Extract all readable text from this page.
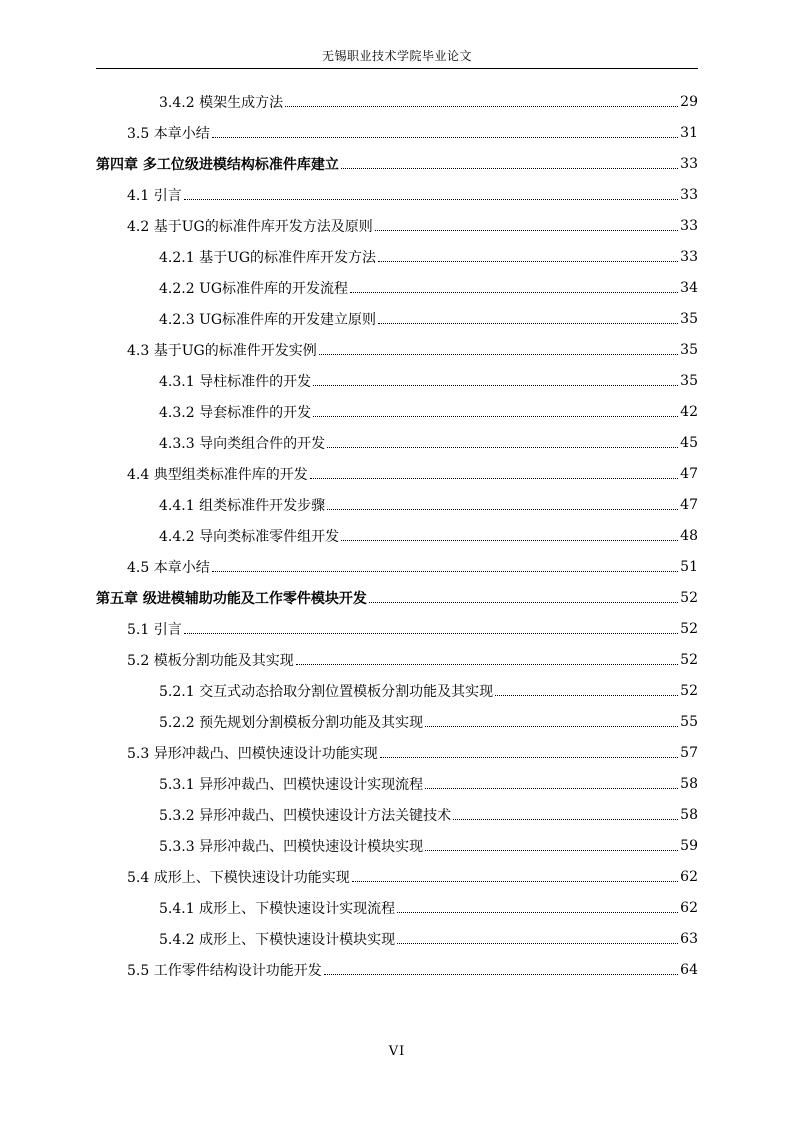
无锡职业技术学院毕业论文
3.4.2 模架生成方法	29
3.5 本章小结	31
第四章 多工位级进模结构标准件库建立	33
4.1 引言	33
4.2 基于UG的标准件库开发方法及原则	33
4.2.1 基于UG的标准件库开发方法	33
4.2.2 UG标准件库的开发流程	34
4.2.3 UG标准件库的开发建立原则	35
4.3 基于UG的标准件开发实例	35
4.3.1 导柱标准件的开发	35
4.3.2 导套标准件的开发	42
4.3.3 导向类组合件的开发	45
4.4 典型组类标准件库的开发	47
4.4.1 组类标准件开发步骤	47
4.4.2 导向类标准零件组开发	48
4.5 本章小结	51
第五章 级进模辅助功能及工作零件模块开发	52
5.1 引言	52
5.2 模板分割功能及其实现	52
5.2.1 交互式动态拾取分割位置模板分割功能及其实现	52
5.2.2 预先规划分割模板分割功能及其实现	55
5.3 异形冲裁凸、凹模快速设计功能实现	57
5.3.1 异形冲裁凸、凹模快速设计实现流程	58
5.3.2 异形冲裁凸、凹模快速设计方法关键技术	58
5.3.3 异形冲裁凸、凹模快速设计模块实现	59
5.4 成形上、下模快速设计功能实现	62
5.4.1 成形上、下模快速设计实现流程	62
5.4.2 成形上、下模快速设计模块实现	63
5.5 工作零件结构设计功能开发	64
VI
